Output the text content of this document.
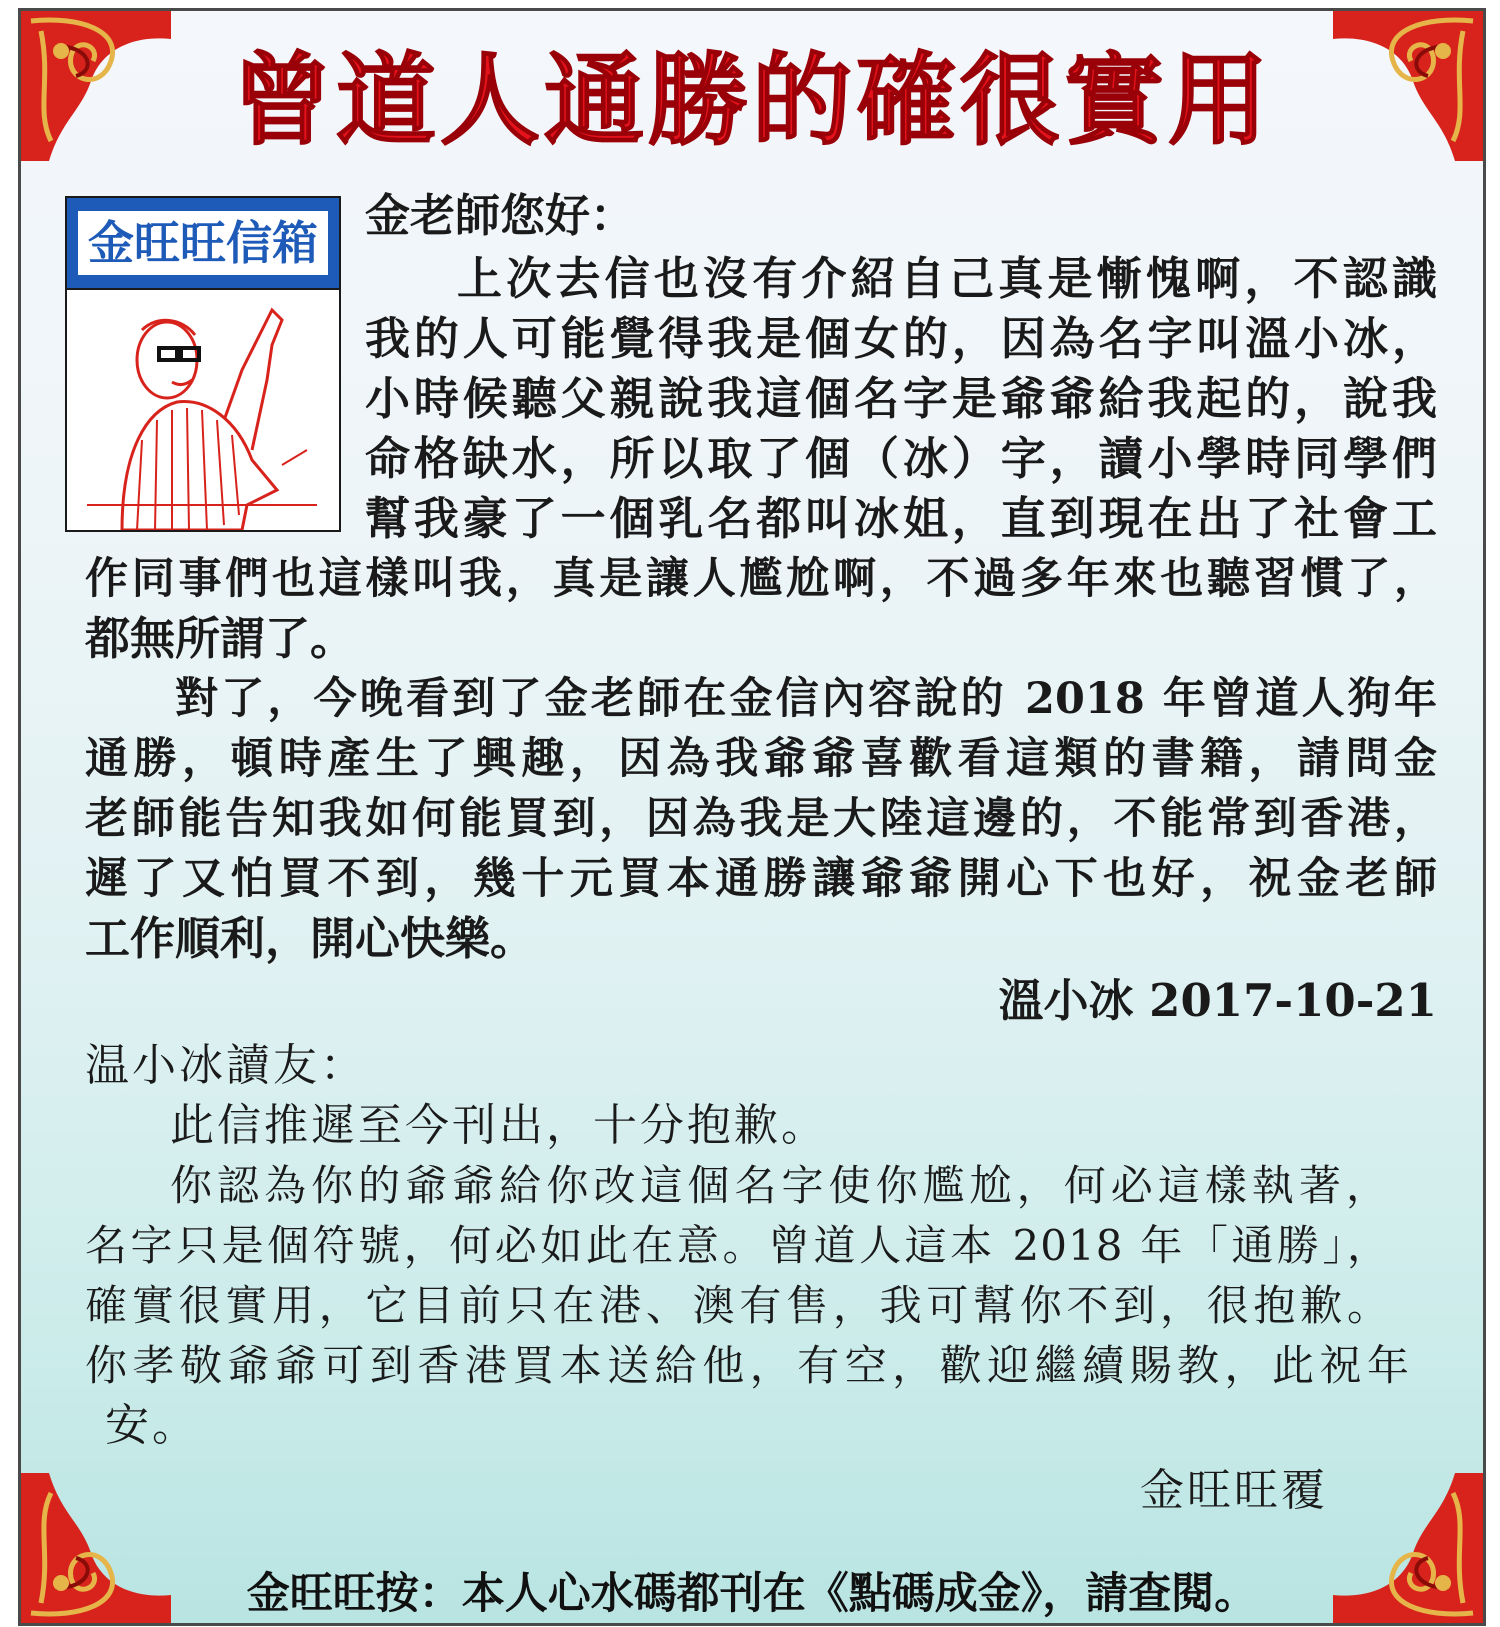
曾道人通勝的確很實用
金旺旺信箱
金老師您好：
上次去信也沒有介紹自己真是慚愧啊，不認識
我的人可能覺得我是個女的，因為名字叫溫小冰，
小時候聽父親說我這個名字是爺爺給我起的，說我
命格缺水，所以取了個（冰）字，讀小學時同學們
幫我豪了一個乳名都叫冰姐，直到現在出了社會工
作同事們也這樣叫我，真是讓人尷尬啊，不過多年來也聽習慣了，
都無所謂了。
對了，今晚看到了金老師在金信內容說的 2018 年曾道人狗年
通勝，頓時產生了興趣，因為我爺爺喜歡看這類的書籍，請問金
老師能告知我如何能買到，因為我是大陸這邊的，不能常到香港，
遲了又怕買不到，幾十元買本通勝讓爺爺開心下也好，祝金老師
工作順利，開心快樂。
溫小冰 2017-10-21
温小冰讀友：
此信推遲至今刊出，十分抱歉。
你認為你的爺爺給你改這個名字使你尷尬，何必這樣執著，
名字只是個符號，何必如此在意。曾道人這本 2018 年「通勝」，
確實很實用，它目前只在港、澳有售，我可幫你不到，很抱歉。
你孝敬爺爺可到香港買本送給他，有空，歡迎繼續賜教，此祝年
安。
金旺旺覆
金旺旺按：本人心水碼都刊在《點碼成金》，請查閱。
